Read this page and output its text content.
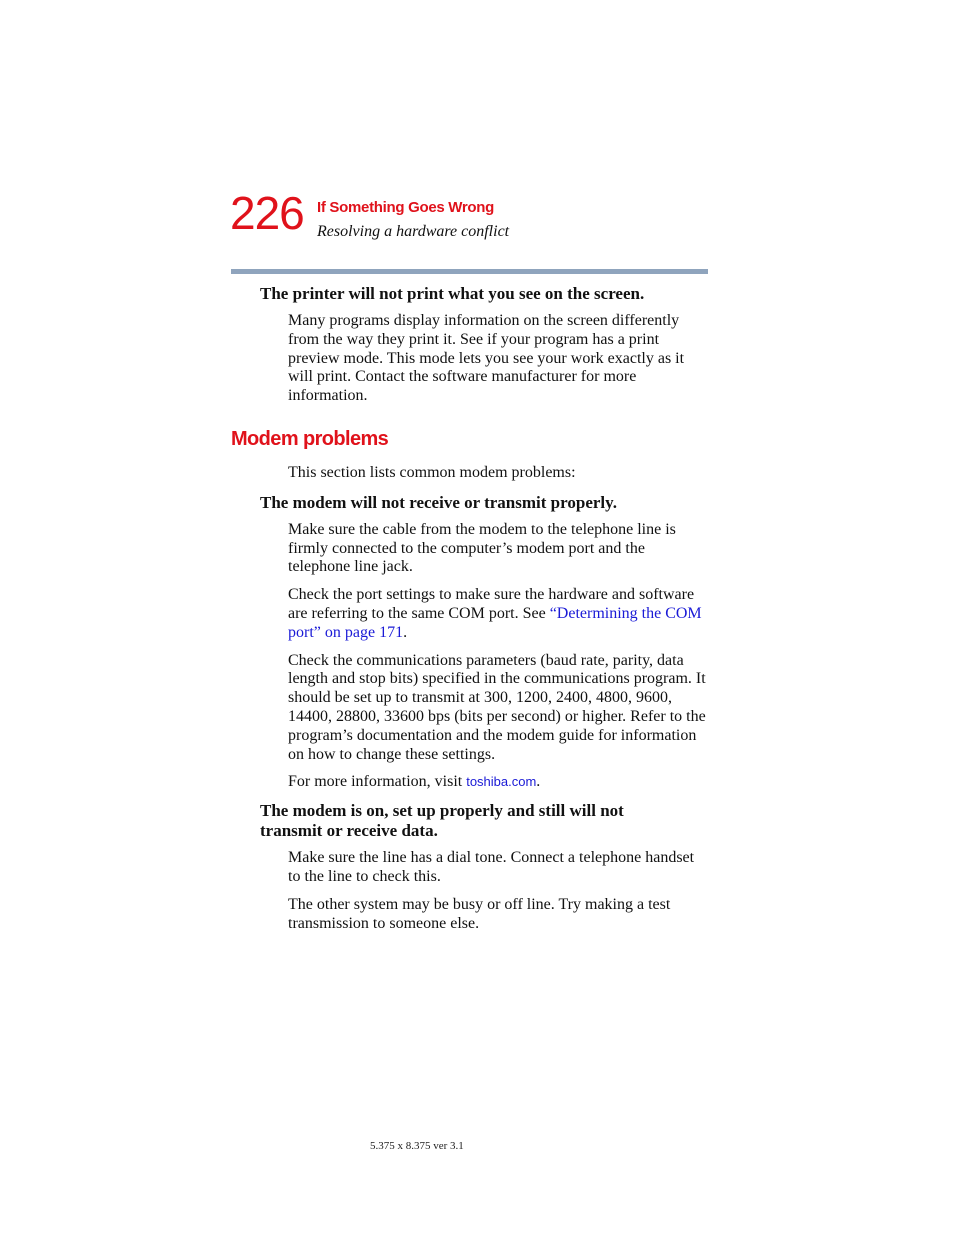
226 If Something Goes Wrong
Resolving a hardware conflict
The printer will not print what you see on the screen.

Many programs display information on the screen differently from the way they print it. See if your program has a print preview mode. This mode lets you see your work exactly as it will print. Contact the software manufacturer for more information.

Modem problems

This section lists common modem problems:

The modem will not receive or transmit properly.

Make sure the cable from the modem to the telephone line is firmly connected to the computer’s modem port and the telephone line jack.

Check the port settings to make sure the hardware and software are referring to the same COM port. See “Determining the COM port” on page 171.

Check the communications parameters (baud rate, parity, data length and stop bits) specified in the communications program. It should be set up to transmit at 300, 1200, 2400, 4800, 9600, 14400, 28800, 33600 bps (bits per second) or higher. Refer to the program’s documentation and the modem guide for information on how to change these settings.

For more information, visit toshiba.com.

The modem is on, set up properly and still will not transmit or receive data.

Make sure the line has a dial tone. Connect a telephone handset to the line to check this.

The other system may be busy or off line. Try making a test transmission to someone else.

5.375 x 8.375 ver 3.1
